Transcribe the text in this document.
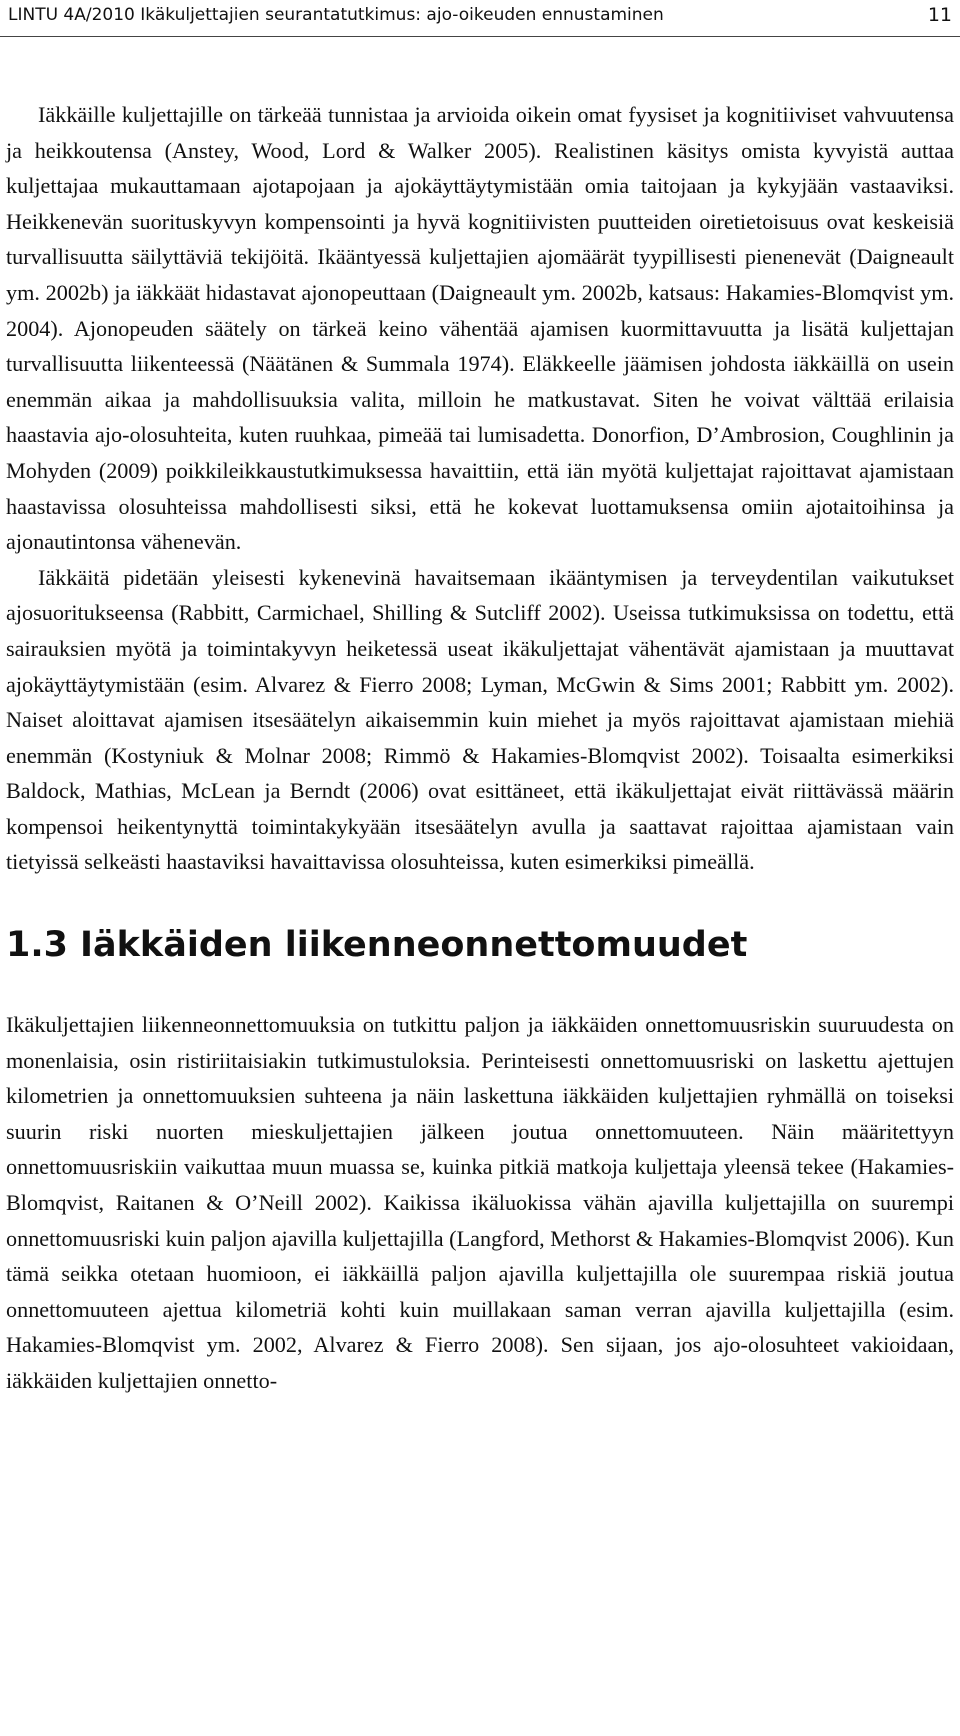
LINTU 4A/2010 Ikäkuljettajien seurantatutkimus: ajo-oikeuden ennustaminen	11

Iäkkäille kuljettajille on tärkeää tunnistaa ja arvioida oikein omat fyysiset ja kognitiiviset vahvuutensa ja heikkoutensa (Anstey, Wood, Lord & Walker 2005). Realistinen käsitys omista kyvyistä auttaa kuljettajaa mukauttamaan ajotapojaan ja ajokäyttäytymistään omia taitojaan ja kykyjään vastaaviksi. Heikkenevän suorituskyvyn kompensointi ja hyvä kognitiivisten puutteiden oiretietoisuus ovat keskeisiä turvallisuutta säilyttäviä tekijöitä. Ikääntyessä kuljettajien ajomäärät tyypillisesti pienenevät (Daigneault ym. 2002b) ja iäkkäät hidastavat ajonopeuttaan (Daigneault ym. 2002b, katsaus: Hakamies-Blomqvist ym. 2004). Ajonopeuden säätely on tärkeä keino vähentää ajamisen kuormittavuutta ja lisätä kuljettajan turvallisuutta liikenteessä (Näätänen & Summala 1974). Eläkkeelle jäämisen johdosta iäkkäillä on usein enemmän aikaa ja mahdollisuuksia valita, milloin he matkustavat. Siten he voivat välttää erilaisia haastavia ajo-olosuhteita, kuten ruuhkaa, pimeää tai lumisadetta. Donorfion, D’Ambrosion, Coughlinin ja Mohyden (2009) poikkileikkaustutkimuksessa havaittiin, että iän myötä kuljettajat rajoittavat ajamistaan haastavissa olosuhteissa mahdollisesti siksi, että he kokevat luottamuksensa omiin ajotaitoihinsa ja ajonautintonsa vähenevän.

Iäkkäitä pidetään yleisesti kykenevinä havaitsemaan ikääntymisen ja terveydentilan vaikutukset ajosuoritukseensa (Rabbitt, Carmichael, Shilling & Sutcliff 2002). Useissa tutkimuksissa on todettu, että sairauksien myötä ja toimintakyvyn heiketessä useat ikäkuljettajat vähentävät ajamistaan ja muuttavat ajokäyttäytymistään (esim. Alvarez & Fierro 2008; Lyman, McGwin & Sims 2001; Rabbitt ym. 2002). Naiset aloittavat ajamisen itsesäätelyn aikaisemmin kuin miehet ja myös rajoittavat ajamistaan miehiä enemmän (Kostyniuk & Molnar 2008; Rimmö & Hakamies-Blomqvist 2002). Toisaalta esimerkiksi Baldock, Mathias, McLean ja Berndt (2006) ovat esittäneet, että ikäkuljettajat eivät riittävässä määrin kompensoi heikentynyttä toimintakykyään itsesäätelyn avulla ja saattavat rajoittaa ajamistaan vain tietyissä selkeästi haastaviksi havaittavissa olosuhteissa, kuten esimerkiksi pimeällä.

1.3 Iäkkäiden liikenneonnettomuudet

Ikäkuljettajien liikenneonnettomuuksia on tutkittu paljon ja iäkkäiden onnettomuusriskin suuruudesta on monenlaisia, osin ristiriitaisiakin tutkimustuloksia. Perinteisesti onnettomuusriski on laskettu ajettujen kilometrien ja onnettomuuksien suhteena ja näin laskettuna iäkkäiden kuljettajien ryhmällä on toiseksi suurin riski nuorten mieskuljettajien jälkeen joutua onnettomuuteen. Näin määritettyyn onnettomuusriskiin vaikuttaa muun muassa se, kuinka pitkiä matkoja kuljettaja yleensä tekee (Hakamies-Blomqvist, Raitanen & O’Neill 2002). Kaikissa ikäluokissa vähän ajavilla kuljettajilla on suurempi onnettomuusriski kuin paljon ajavilla kuljettajilla (Langford, Methorst & Hakamies-Blomqvist 2006). Kun tämä seikka otetaan huomioon, ei iäkkäillä paljon ajavilla kuljettajilla ole suurempaa riskiä joutua onnettomuuteen ajettua kilometriä kohti kuin muillakaan saman verran ajavilla kuljettajilla (esim. Hakamies-Blomqvist ym. 2002, Alvarez & Fierro 2008). Sen sijaan, jos ajo-olosuhteet vakioidaan, iäkkäiden kuljettajien onnetto-
